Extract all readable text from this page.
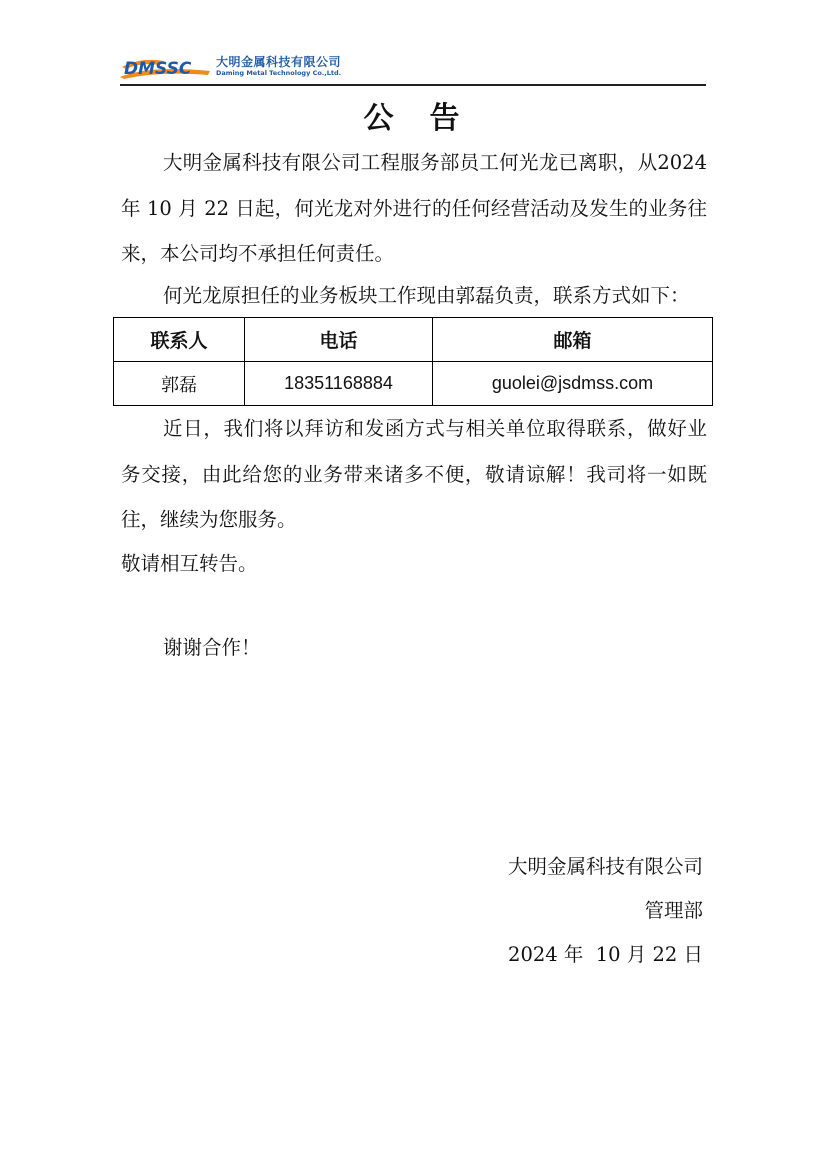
DMSSC 大明金属科技有限公司
Daming Metal Technology Co.,Ltd.
公告

大明金属科技有限公司工程服务部员工何光龙已离职，从2024 年 10 月 22 日起，何光龙对外进行的任何经营活动及发生的业务往来，本公司均不承担任何责任。

何光龙原担任的业务板块工作现由郭磊负责，联系方式如下：

联系人	电话	邮箱
郭磊	18351168884	guolei@jsdmss.com

近日，我们将以拜访和发函方式与相关单位取得联系，做好业务交接，由此给您的业务带来诸多不便，敬请谅解！我司将一如既往，继续为您服务。

敬请相互转告。

谢谢合作！

大明金属科技有限公司
管理部
2024 年  10 月 22 日
